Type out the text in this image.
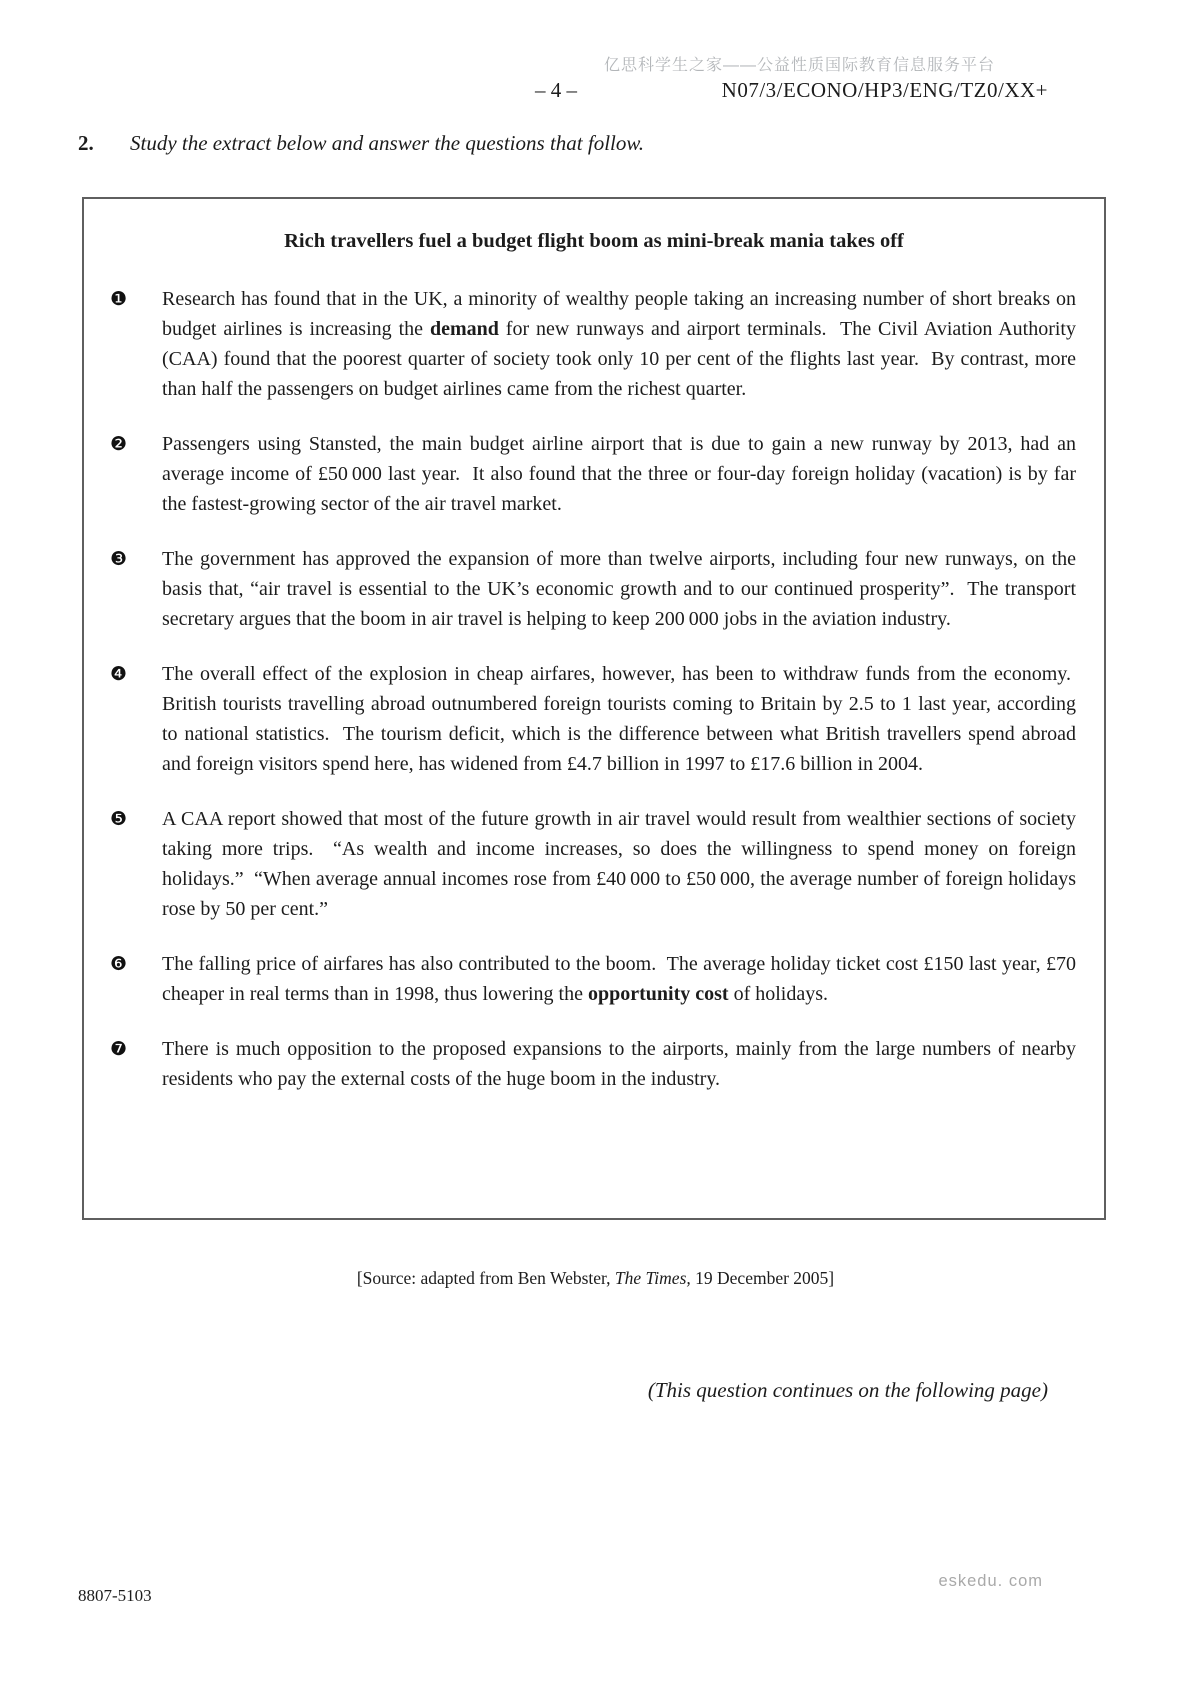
亿思科学生之家——公益性质国际教育信息服务平台
– 4 –	N07/3/ECONO/HP3/ENG/TZ0/XX+
2. Study the extract below and answer the questions that follow.
Rich travellers fuel a budget flight boom as mini-break mania takes off
❶ Research has found that in the UK, a minority of wealthy people taking an increasing number of short breaks on budget airlines is increasing the demand for new runways and airport terminals.  The Civil Aviation Authority (CAA) found that the poorest quarter of society took only 10 per cent of the flights last year.  By contrast, more than half the passengers on budget airlines came from the richest quarter.
❷ Passengers using Stansted, the main budget airline airport that is due to gain a new runway by 2013, had an average income of £50 000 last year.  It also found that the three or four-day foreign holiday (vacation) is by far the fastest-growing sector of the air travel market.
❸ The government has approved the expansion of more than twelve airports, including four new runways, on the basis that, “air travel is essential to the UK’s economic growth and to our continued prosperity”.  The transport secretary argues that the boom in air travel is helping to keep 200 000 jobs in the aviation industry.
❹ The overall effect of the explosion in cheap airfares, however, has been to withdraw funds from the economy.  British tourists travelling abroad outnumbered foreign tourists coming to Britain by 2.5 to 1 last year, according to national statistics.  The tourism deficit, which is the difference between what British travellers spend abroad and foreign visitors spend here, has widened from £4.7 billion in 1997 to £17.6 billion in 2004.
❺ A CAA report showed that most of the future growth in air travel would result from wealthier sections of society taking more trips.  “As wealth and income increases, so does the willingness to spend money on foreign holidays.”  “When average annual incomes rose from £40 000 to £50 000, the average number of foreign holidays rose by 50 per cent.”
❻ The falling price of airfares has also contributed to the boom.  The average holiday ticket cost £150 last year, £70 cheaper in real terms than in 1998, thus lowering the opportunity cost of holidays.
❼ There is much opposition to the proposed expansions to the airports, mainly from the large numbers of nearby residents who pay the external costs of the huge boom in the industry.
[Source: adapted from Ben Webster, The Times, 19 December 2005]
(This question continues on the following page)
8807-5103
eskedu. com
